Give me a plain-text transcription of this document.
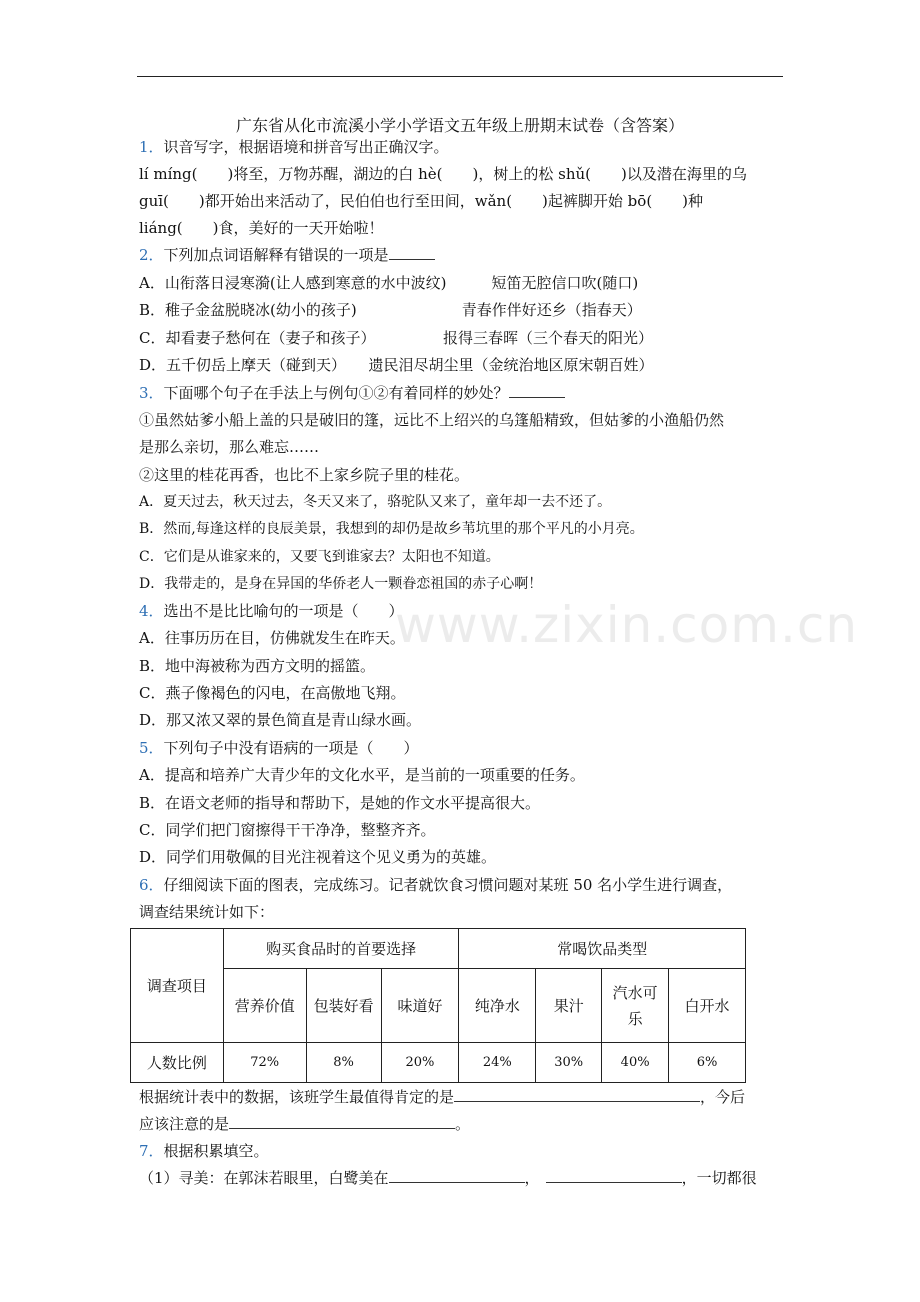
广东省从化市流溪小学小学语文五年级上册期末试卷（含答案）
www.zixin.com.cn
1．识音写字，根据语境和拼音写出正确汉字。
lí míng(　　)将至，万物苏醒，湖边的白 hè(　　)，树上的松 shǔ(　　)以及潜在海里的乌
guī(　　)都开始出来活动了，民伯伯也行至田间，wǎn(　　)起裤脚开始 bō(　　)种
liáng(　　)食，美好的一天开始啦！
2．下列加点词语解释有错误的一项是
A．山衔落日浸寒漪(让人感到寒意的水中波纹)　　　短笛无腔信口吹(随口)
B．稚子金盆脱晓冰(幼小的孩子)　　　　　　　青春作伴好还乡（指春天）
C．却看妻子愁何在（妻子和孩子）　　　　　报得三春晖（三个春天的阳光）
D．五千仞岳上摩天（碰到天）　　遗民泪尽胡尘里（金统治地区原宋朝百姓）
3．下面哪个句子在手法上与例句①②有着同样的妙处？
①虽然姑爹小船上盖的只是破旧的篷，远比不上绍兴的乌篷船精致，但姑爹的小渔船仍然
是那么亲切，那么难忘……
②这里的桂花再香，也比不上家乡院子里的桂花。
A．夏天过去，秋天过去，冬天又来了，骆驼队又来了，童年却一去不还了。
B．然而,每逢这样的良辰美景，我想到的却仍是故乡苇坑里的那个平凡的小月亮。
C．它们是从谁家来的，又要飞到谁家去？太阳也不知道。
D．我带走的，是身在异国的华侨老人一颗眷恋祖国的赤子心啊！
4．选出不是比比喻句的一项是（　　）
A．往事历历在目，仿佛就发生在昨天。
B．地中海被称为西方文明的摇篮。
C．燕子像褐色的闪电，在高傲地飞翔。
D．那又浓又翠的景色简直是青山绿水画。
5．下列句子中没有语病的一项是（　　）
A．提高和培养广大青少年的文化水平，是当前的一项重要的任务。
B．在语文老师的指导和帮助下，是她的作文水平提高很大。
C．同学们把门窗擦得干干净净，整整齐齐。
D．同学们用敬佩的目光注视着这个见义勇为的英雄。
6．仔细阅读下面的图表，完成练习。记者就饮食习惯问题对某班 50 名小学生进行调查，
调查结果统计如下：
调查项目	购买食品时的首要选择			常喝饮品类型			
	营养价值	包装好看	味道好	纯净水	果汁	汽水可乐	白开水
人数比例	72%	8%	20%	24%	30%	40%	6%
根据统计表中的数据，该班学生最值得肯定的是	，今后
应该注意的是	。
7．根据积累填空。
（1）寻美：在郭沫若眼里，白鹭美在	，	，一切都很
